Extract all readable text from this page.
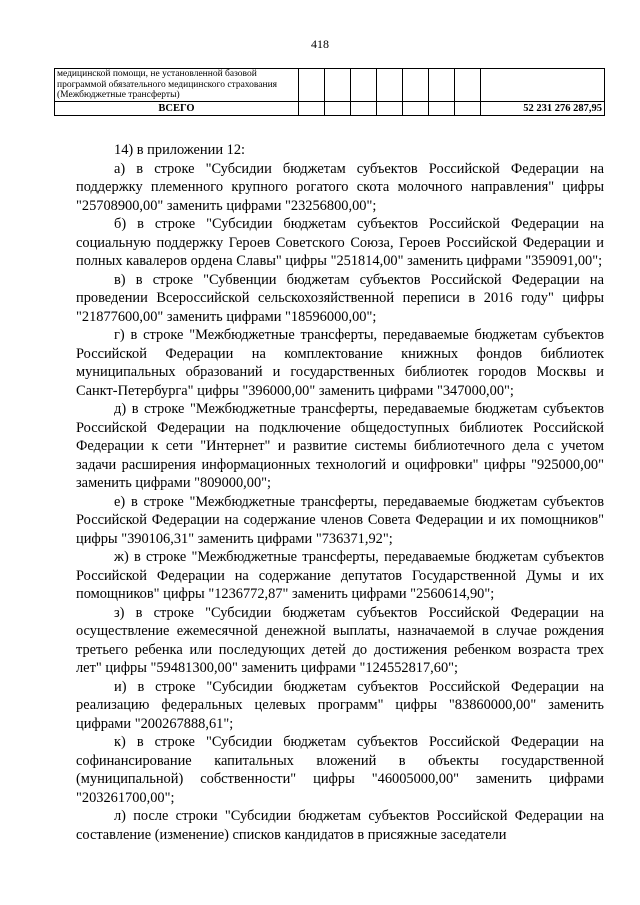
418
медицинской помощи, не установленной базовой программой обязательного медицинского страхования (Межбюджетные трансферты)								
ВСЕГО								52 231 276 287,95

14) в приложении 12:

а) в строке "Субсидии бюджетам субъектов Российской Федерации на поддержку племенного крупного рогатого скота молочного направления" цифры "25708900,00" заменить цифрами "23256800,00";

б) в строке "Субсидии бюджетам субъектов Российской Федерации на социальную поддержку Героев Советского Союза, Героев Российской Федерации и полных кавалеров ордена Славы" цифры "251814,00" заменить цифрами "359091,00";

в) в строке "Субвенции бюджетам субъектов Российской Федерации на проведении Всероссийской сельскохозяйственной переписи в 2016 году" цифры "21877600,00" заменить цифрами "18596000,00";

г) в строке "Межбюджетные трансферты, передаваемые бюджетам субъектов Российской Федерации на комплектование книжных фондов библиотек муниципальных образований и государственных библиотек городов Москвы и Санкт-Петербурга" цифры "396000,00" заменить цифрами "347000,00";

д) в строке "Межбюджетные трансферты, передаваемые бюджетам субъектов Российской Федерации на подключение общедоступных библиотек Российской Федерации к сети "Интернет" и развитие системы библиотечного дела с учетом задачи расширения информационных технологий и оцифровки" цифры "925000,00" заменить цифрами "809000,00";

е) в строке "Межбюджетные трансферты, передаваемые бюджетам субъектов Российской Федерации на содержание членов Совета Федерации и их помощников" цифры "390106,31" заменить цифрами "736371,92";

ж) в строке "Межбюджетные трансферты, передаваемые бюджетам субъектов Российской Федерации на содержание депутатов Государственной Думы и их помощников" цифры "1236772,87" заменить цифрами "2560614,90";

з) в строке "Субсидии бюджетам субъектов Российской Федерации на осуществление ежемесячной денежной выплаты, назначаемой в случае рождения третьего ребенка или последующих детей до достижения ребенком возраста трех лет" цифры "59481300,00" заменить цифрами "124552817,60";

и) в строке "Субсидии бюджетам субъектов Российской Федерации на реализацию федеральных целевых программ" цифры "83860000,00" заменить цифрами "200267888,61";

к) в строке "Субсидии бюджетам субъектов Российской Федерации на софинансирование капитальных вложений в объекты государственной (муниципальной) собственности" цифры "46005000,00" заменить цифрами "203261700,00";

л) после строки "Субсидии бюджетам субъектов Российской Федерации на составление (изменение) списков кандидатов в присяжные заседатели
